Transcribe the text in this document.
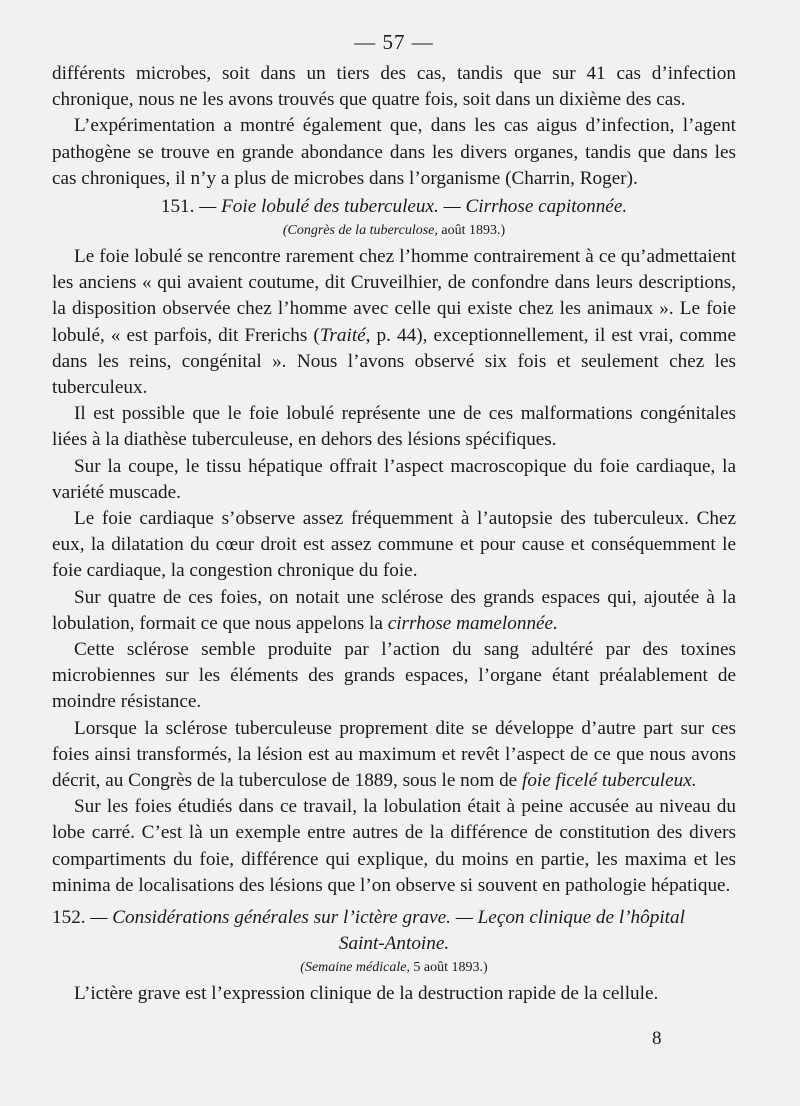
— 57 —

différents microbes, soit dans un tiers des cas, tandis que sur 41 cas d’infection chronique, nous ne les avons trouvés que quatre fois, soit dans un dixième des cas.

L’expérimentation a montré également que, dans les cas aigus d’infection, l’agent pathogène se trouve en grande abondance dans les divers organes, tandis que dans les cas chroniques, il n’y a plus de microbes dans l’organisme (Charrin, Roger).

151. — Foie lobulé des tuberculeux. — Cirrhose capitonnée.
(Congrès de la tuberculose, août 1893.)

Le foie lobulé se rencontre rarement chez l’homme contrairement à ce qu’admettaient les anciens « qui avaient coutume, dit Cruveilhier, de confondre dans leurs descriptions, la disposition observée chez l’homme avec celle qui existe chez les animaux ». Le foie lobulé, « est parfois, dit Frerichs (Traité, p. 44), exceptionnellement, il est vrai, comme dans les reins, congénital ». Nous l’avons observé six fois et seulement chez les tuberculeux.

Il est possible que le foie lobulé représente une de ces malformations congénitales liées à la diathèse tuberculeuse, en dehors des lésions spécifiques.

Sur la coupe, le tissu hépatique offrait l’aspect macroscopique du foie cardiaque, la variété muscade.

Le foie cardiaque s’observe assez fréquemment à l’autopsie des tuberculeux. Chez eux, la dilatation du cœur droit est assez commune et pour cause et conséquemment le foie cardiaque, la congestion chronique du foie.

Sur quatre de ces foies, on notait une sclérose des grands espaces qui, ajoutée à la lobulation, formait ce que nous appelons la cirrhose mamelonnée.

Cette sclérose semble produite par l’action du sang adultéré par des toxines microbiennes sur les éléments des grands espaces, l’organe étant préalablement de moindre résistance.

Lorsque la sclérose tuberculeuse proprement dite se développe d’autre part sur ces foies ainsi transformés, la lésion est au maximum et revêt l’aspect de ce que nous avons décrit, au Congrès de la tuberculose de 1889, sous le nom de foie ficelé tuberculeux.

Sur les foies étudiés dans ce travail, la lobulation était à peine accusée au niveau du lobe carré. C’est là un exemple entre autres de la différence de constitution des divers compartiments du foie, différence qui explique, du moins en partie, les maxima et les minima de localisations des lésions que l’on observe si souvent en pathologie hépatique.

152. — Considérations générales sur l’ictère grave. — Leçon clinique de l’hôpital
Saint-Antoine.
(Semaine médicale, 5 août 1893.)

L’ictère grave est l’expression clinique de la destruction rapide de la cellule.

8
